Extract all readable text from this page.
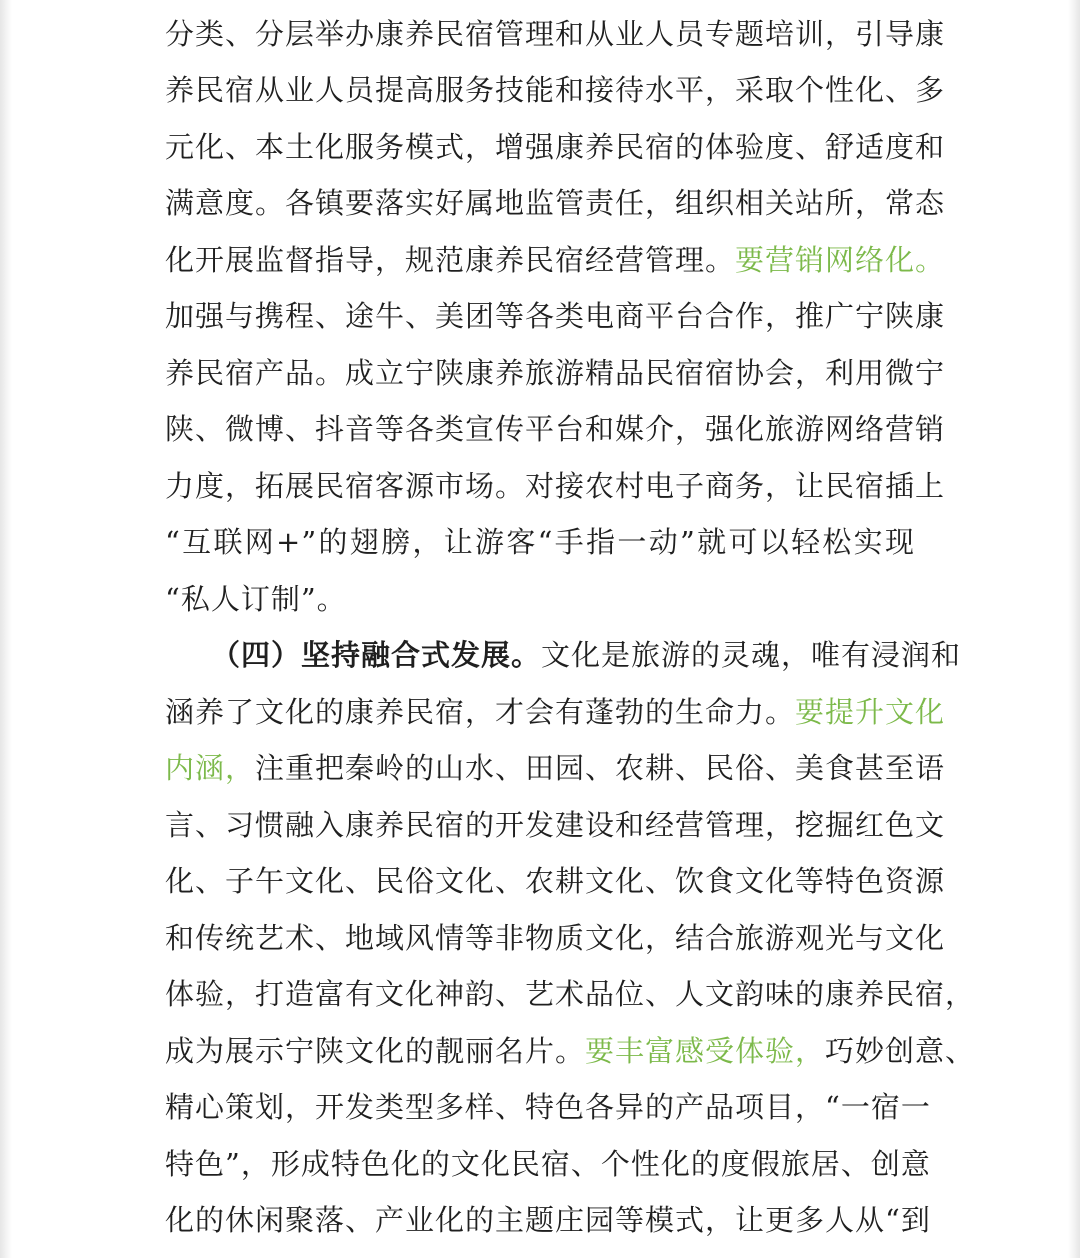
分类、分层举办康养民宿管理和从业人员专题培训，引导康
养民宿从业人员提高服务技能和接待水平，采取个性化、多
元化、本土化服务模式，增强康养民宿的体验度、舒适度和
满意度。各镇要落实好属地监管责任，组织相关站所，常态
化开展监督指导，规范康养民宿经营管理。要营销网络化。
加强与携程、途牛、美团等各类电商平台合作，推广宁陕康
养民宿产品。成立宁陕康养旅游精品民宿宿协会，利用微宁
陕、微博、抖音等各类宣传平台和媒介，强化旅游网络营销
力度，拓展民宿客源市场。对接农村电子商务，让民宿插上
“互联网+”的翅膀，让游客“手指一动”就可以轻松实现
“私人订制”。
（四）坚持融合式发展。文化是旅游的灵魂，唯有浸润和
涵养了文化的康养民宿，才会有蓬勃的生命力。要提升文化
内涵，注重把秦岭的山水、田园、农耕、民俗、美食甚至语
言、习惯融入康养民宿的开发建设和经营管理，挖掘红色文
化、子午文化、民俗文化、农耕文化、饮食文化等特色资源
和传统艺术、地域风情等非物质文化，结合旅游观光与文化
体验，打造富有文化神韵、艺术品位、人文韵味的康养民宿，
成为展示宁陕文化的靓丽名片。要丰富感受体验，巧妙创意、
精心策划，开发类型多样、特色各异的产品项目，“一宿一
特色”，形成特色化的文化民宿、个性化的度假旅居、创意
化的休闲聚落、产业化的主题庄园等模式，让更多人从“到
